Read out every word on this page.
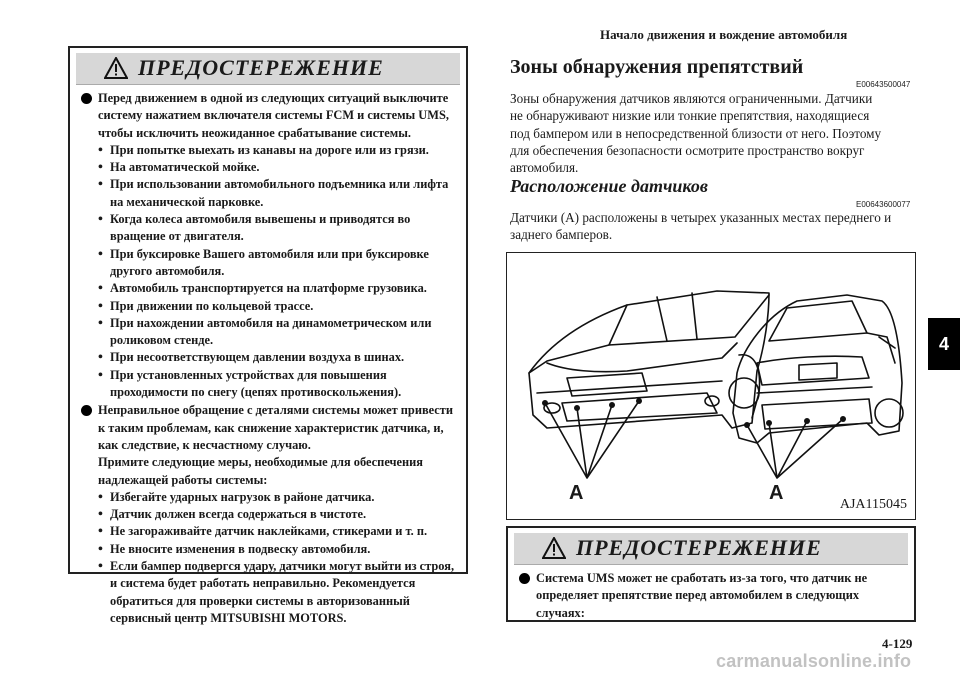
Начало движения и вождение автомобиля
4
ПРЕДОСТЕРЕЖЕНИЕ
Перед движением в одной из следующих ситуаций выключите систему нажатием включателя системы FCM и системы UMS, чтобы исключить неожиданное срабатывание системы.
• При попытке выехать из канавы на дороге или из грязи.
• На автоматической мойке.
• При использовании автомобильного подъемника или лифта на механической парковке.
• Когда колеса автомобиля вывешены и приводятся во вращение от двигателя.
• При буксировке Вашего автомобиля или при буксировке другого автомобиля.
• Автомобиль транспортируется на платформе грузовика.
• При движении по кольцевой трассе.
• При нахождении автомобиля на динамометрическом или роликовом стенде.
• При несоответствующем давлении воздуха в шинах.
• При установленных устройствах для повышения проходимости по снегу (цепях противоскольжения).
Неправильное обращение с деталями системы может привести к таким проблемам, как снижение характеристик датчика, и, как следствие, к несчастному случаю.
Примите следующие меры, необходимые для обеспечения надлежащей работы системы:
• Избегайте ударных нагрузок в районе датчика.
• Датчик должен всегда содержаться в чистоте.
• Не загораживайте датчик наклейками, стикерами и т. п.
• Не вносите изменения в подвеску автомобиля.
• Если бампер подвергся удару, датчики могут выйти из строя, и система будет работать неправильно. Рекомендуется обратиться для проверки системы в авторизованный сервисный центр MITSUBISHI MOTORS.
Зоны обнаружения препятствий
E00643500047
Зоны обнаружения датчиков являются ограниченными. Датчики не обнаруживают низкие или тонкие препятствия, находящиеся под бампером или в непосредственной близости от него. Поэтому для обеспечения безопасности осмотрите пространство вокруг автомобиля.
Расположение датчиков
E00643600077
Датчики (А) расположены в четырех указанных местах переднего и заднего бамперов.
A	A
AJA115045
ПРЕДОСТЕРЕЖЕНИЕ
Система UMS может не сработать из-за того, что датчик не определяет препятствие перед автомобилем в следующих случаях:
4-129
carmanualsonline.info
